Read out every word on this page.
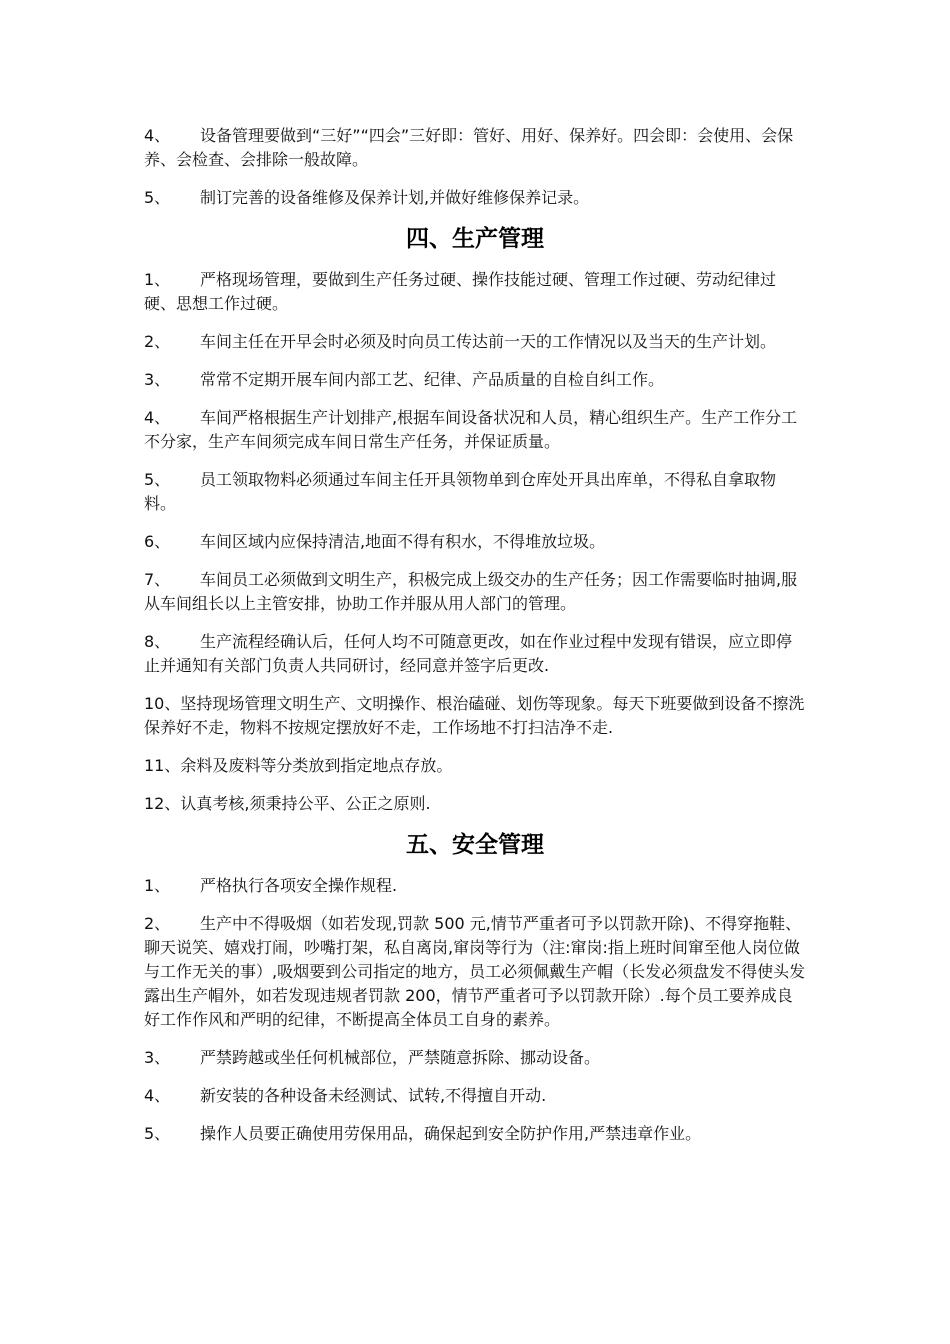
4、 设备管理要做到“三好”“四会”三好即：管好、用好、保养好。四会即：会使用、会保养、会检查、会排除一般故障。

5、 制订完善的设备维修及保养计划,并做好维修保养记录。

四、生产管理

1、 严格现场管理，要做到生产任务过硬、操作技能过硬、管理工作过硬、劳动纪律过硬、思想工作过硬。

2、 车间主任在开早会时必须及时向员工传达前一天的工作情况以及当天的生产计划。

3、 常常不定期开展车间内部工艺、纪律、产品质量的自检自纠工作。

4、 车间严格根据生产计划排产,根据车间设备状况和人员，精心组织生产。生产工作分工不分家，生产车间须完成车间日常生产任务，并保证质量。

5、 员工领取物料必须通过车间主任开具领物单到仓库处开具出库单，不得私自拿取物料。

6、 车间区域内应保持清洁,地面不得有积水，不得堆放垃圾。

7、 车间员工必须做到文明生产，积极完成上级交办的生产任务；因工作需要临时抽调,服从车间组长以上主管安排，协助工作并服从用人部门的管理。

8、 生产流程经确认后，任何人均不可随意更改，如在作业过程中发现有错误，应立即停止并通知有关部门负责人共同研讨，经同意并签字后更改.

10、坚持现场管理文明生产、文明操作、根治磕碰、划伤等现象。每天下班要做到设备不擦洗保养好不走，物料不按规定摆放好不走，工作场地不打扫洁净不走.

11、余料及废料等分类放到指定地点存放。

12、认真考核,须秉持公平、公正之原则.

五、安全管理

1、 严格执行各项安全操作规程.

2、 生产中不得吸烟（如若发现,罚款 500 元,情节严重者可予以罚款开除)、不得穿拖鞋、聊天说笑、嬉戏打闹，吵嘴打架，私自离岗,窜岗等行为（注:窜岗:指上班时间窜至他人岗位做与工作无关的事）,吸烟要到公司指定的地方，员工必须佩戴生产帽（长发必须盘发不得使头发露出生产帽外，如若发现违规者罚款 200，情节严重者可予以罚款开除）.每个员工要养成良好工作作风和严明的纪律，不断提高全体员工自身的素养。

3、 严禁跨越或坐任何机械部位，严禁随意拆除、挪动设备。

4、 新安装的各种设备未经测试、试转,不得擅自开动.

5、 操作人员要正确使用劳保用品，确保起到安全防护作用,严禁违章作业。
